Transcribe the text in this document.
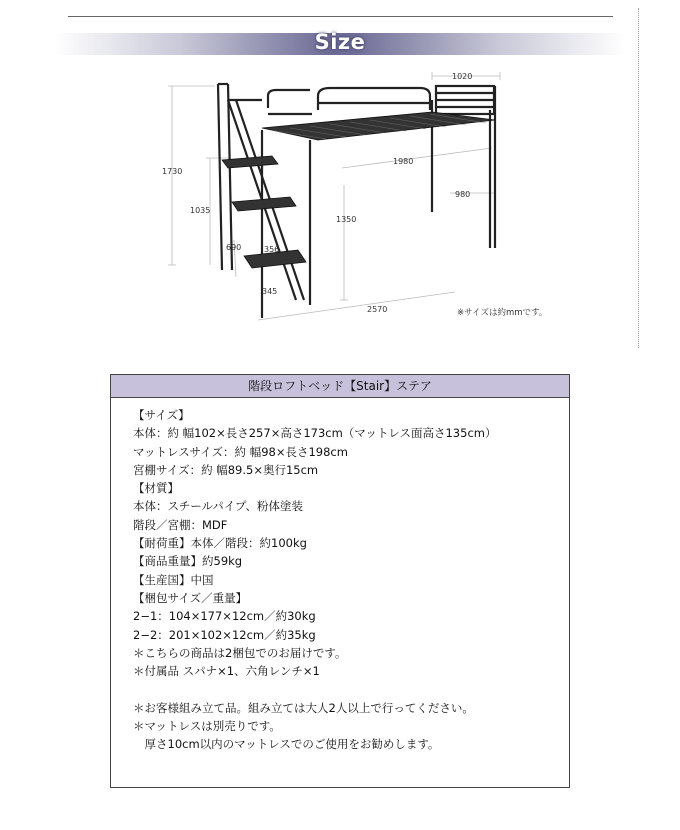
Size
1020
1980
1730
1035
313
1350
980
690	356
345
2570	※サイズは約mmです。
階段ロフトベッド【Stair】ステア
【サイズ】
本体：約 幅102×長さ257×高さ173cm（マットレス面高さ135cm）
マットレスサイズ：約 幅98×長さ198cm
宮棚サイズ：約 幅89.5×奥行15cm
【材質】
本体：スチールパイプ、粉体塗装
階段／宮棚：MDF
【耐荷重】本体／階段：約100kg
【商品重量】約59kg
【生産国】中国
【梱包サイズ／重量】
2−1：104×177×12cm／約30kg
2−2：201×102×12cm／約35kg
＊こちらの商品は2梱包でのお届けです。
＊付属品 スパナ×1、六角レンチ×1
＊お客様組み立て品。組み立ては大人2人以上で行ってください。
＊マットレスは別売りです。
　厚さ10cm以内のマットレスでのご使用をお勧めします。
